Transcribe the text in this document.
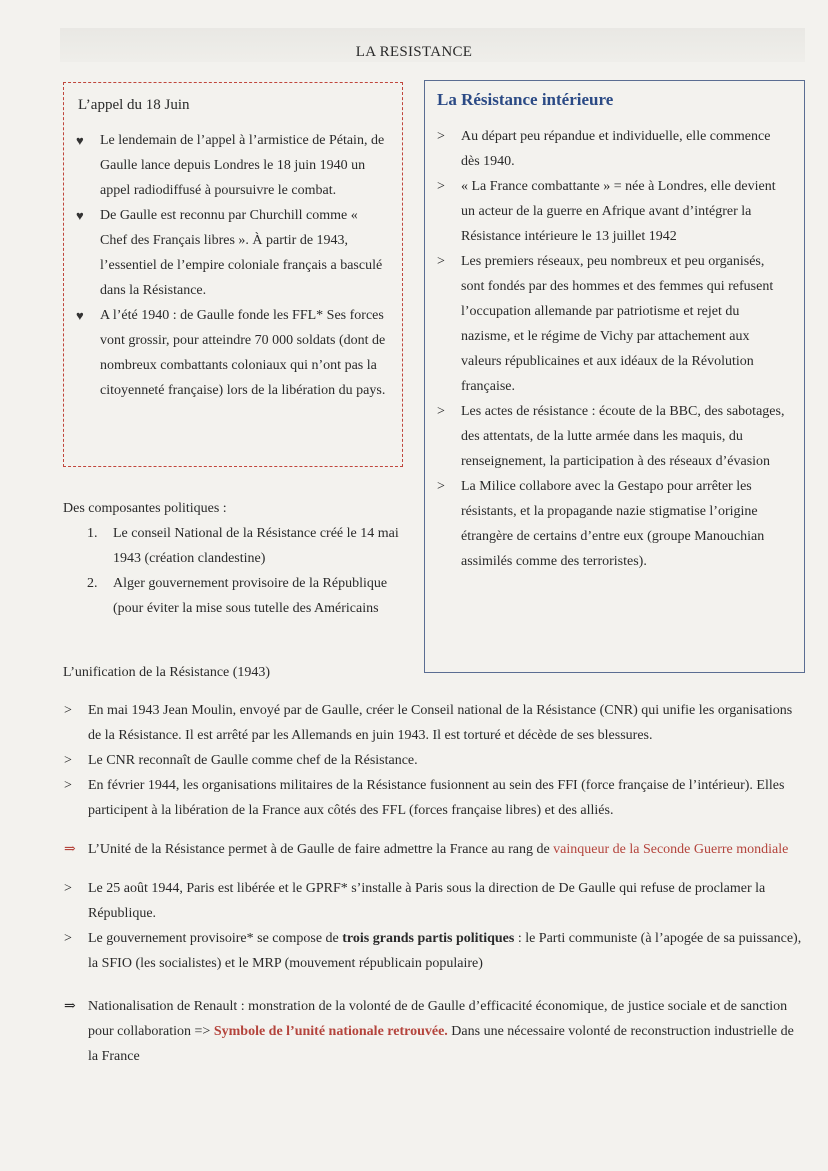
LA RESISTANCE
L’appel du 18 Juin
♥ Le lendemain de l’appel à l’armistice de Pétain, de Gaulle lance depuis Londres le 18 juin 1940 un appel radiodiffusé à poursuivre le combat.
♥ De Gaulle est reconnu par Churchill comme « Chef des Français libres ». À partir de 1943, l’essentiel de l’empire coloniale français a basculé dans la Résistance.
♥ A l’été 1940 : de Gaulle fonde les FFL* Ses forces vont grossir, pour atteindre 70 000 soldats (dont de nombreux combattants coloniaux qui n’ont pas la citoyenneté française) lors de la libération du pays.
La Résistance intérieure
> Au départ peu répandue et individuelle, elle commence dès 1940.
> « La France combattante » = née à Londres, elle devient un acteur de la guerre en Afrique avant d’intégrer la Résistance intérieure le 13 juillet 1942
> Les premiers réseaux, peu nombreux et peu organisés, sont fondés par des hommes et des femmes qui refusent l’occupation allemande par patriotisme et rejet du nazisme, et le régime de Vichy par attachement aux valeurs républicaines et aux idéaux de la Révolution française.
> Les actes de résistance : écoute de la BBC, des sabotages, des attentats, de la lutte armée dans les maquis, du renseignement, la participation à des réseaux d’évasion
> La Milice collabore avec la Gestapo pour arrêter les résistants, et la propagande nazie stigmatise l’origine étrangère de certains d’entre eux (groupe Manouchian assimilés comme des terroristes).
Des composantes politiques :
1. Le conseil National de la Résistance créé le 14 mai 1943 (création clandestine)
2. Alger gouvernement provisoire de la République (pour éviter la mise sous tutelle des Américains
L’unification de la Résistance (1943)
> En mai 1943 Jean Moulin, envoyé par de Gaulle, créer le Conseil national de la Résistance (CNR) qui unifie les organisations de la Résistance. Il est arrêté par les Allemands en juin 1943. Il est torturé et décède de ses blessures.
> Le CNR reconnaît de Gaulle comme chef de la Résistance.
> En février 1944, les organisations militaires de la Résistance fusionnent au sein des FFI (force française de l’intérieur). Elles participent à la libération de la France aux côtés des FFL (forces française libres) et des alliés.
⇒ L’Unité de la Résistance permet à de Gaulle de faire admettre la France au rang de vainqueur de la Seconde Guerre mondiale
> Le 25 août 1944, Paris est libérée et le GPRF* s’installe à Paris sous la direction de De Gaulle qui refuse de proclamer la République.
> Le gouvernement provisoire* se compose de trois grands partis politiques : le Parti communiste (à l’apogée de sa puissance), la SFIO (les socialistes) et le MRP (mouvement républicain populaire)
⇒ Nationalisation de Renault : monstration de la volonté de de Gaulle d’efficacité économique, de justice sociale et de sanction pour collaboration => Symbole de l’unité nationale retrouvée. Dans une nécessaire volonté de reconstruction industrielle de la France
